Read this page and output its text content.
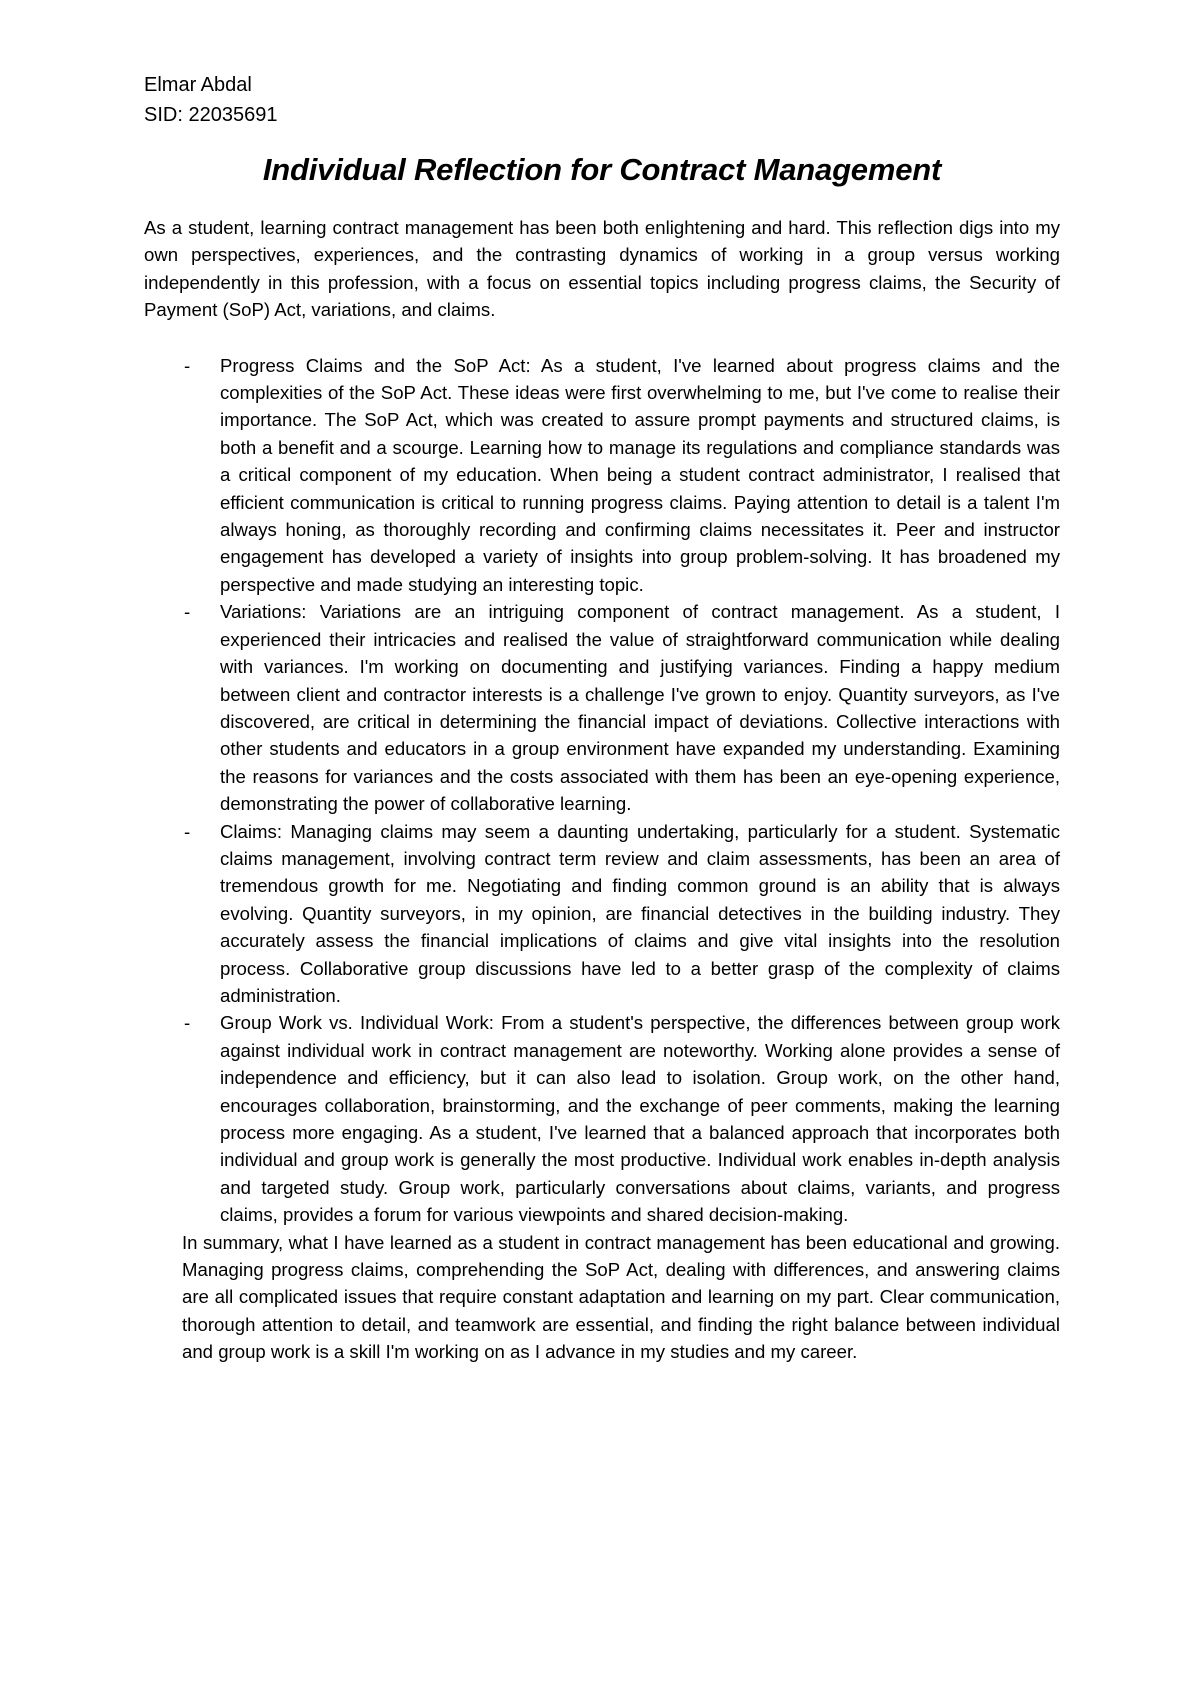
Elmar Abdal

SID: 22035691

Individual Reflection for Contract Management

As a student, learning contract management has been both enlightening and hard. This reflection digs into my own perspectives, experiences, and the contrasting dynamics of working in a group versus working independently in this profession, with a focus on essential topics including progress claims, the Security of Payment (SoP) Act, variations, and claims.

- Progress Claims and the SoP Act: As a student, I've learned about progress claims and the complexities of the SoP Act. These ideas were first overwhelming to me, but I've come to realise their importance. The SoP Act, which was created to assure prompt payments and structured claims, is both a benefit and a scourge. Learning how to manage its regulations and compliance standards was a critical component of my education. When being a student contract administrator, I realised that efficient communication is critical to running progress claims. Paying attention to detail is a talent I'm always honing, as thoroughly recording and confirming claims necessitates it. Peer and instructor engagement has developed a variety of insights into group problem-solving. It has broadened my perspective and made studying an interesting topic.
- Variations: Variations are an intriguing component of contract management. As a student, I experienced their intricacies and realised the value of straightforward communication while dealing with variances. I'm working on documenting and justifying variances. Finding a happy medium between client and contractor interests is a challenge I've grown to enjoy. Quantity surveyors, as I've discovered, are critical in determining the financial impact of deviations. Collective interactions with other students and educators in a group environment have expanded my understanding. Examining the reasons for variances and the costs associated with them has been an eye-opening experience, demonstrating the power of collaborative learning.
- Claims: Managing claims may seem a daunting undertaking, particularly for a student. Systematic claims management, involving contract term review and claim assessments, has been an area of tremendous growth for me. Negotiating and finding common ground is an ability that is always evolving. Quantity surveyors, in my opinion, are financial detectives in the building industry. They accurately assess the financial implications of claims and give vital insights into the resolution process. Collaborative group discussions have led to a better grasp of the complexity of claims administration.
- Group Work vs. Individual Work: From a student's perspective, the differences between group work against individual work in contract management are noteworthy. Working alone provides a sense of independence and efficiency, but it can also lead to isolation. Group work, on the other hand, encourages collaboration, brainstorming, and the exchange of peer comments, making the learning process more engaging. As a student, I've learned that a balanced approach that incorporates both individual and group work is generally the most productive. Individual work enables in-depth analysis and targeted study. Group work, particularly conversations about claims, variants, and progress claims, provides a forum for various viewpoints and shared decision-making.

In summary, what I have learned as a student in contract management has been educational and growing. Managing progress claims, comprehending the SoP Act, dealing with differences, and answering claims are all complicated issues that require constant adaptation and learning on my part. Clear communication, thorough attention to detail, and teamwork are essential, and finding the right balance between individual and group work is a skill I'm working on as I advance in my studies and my career.
